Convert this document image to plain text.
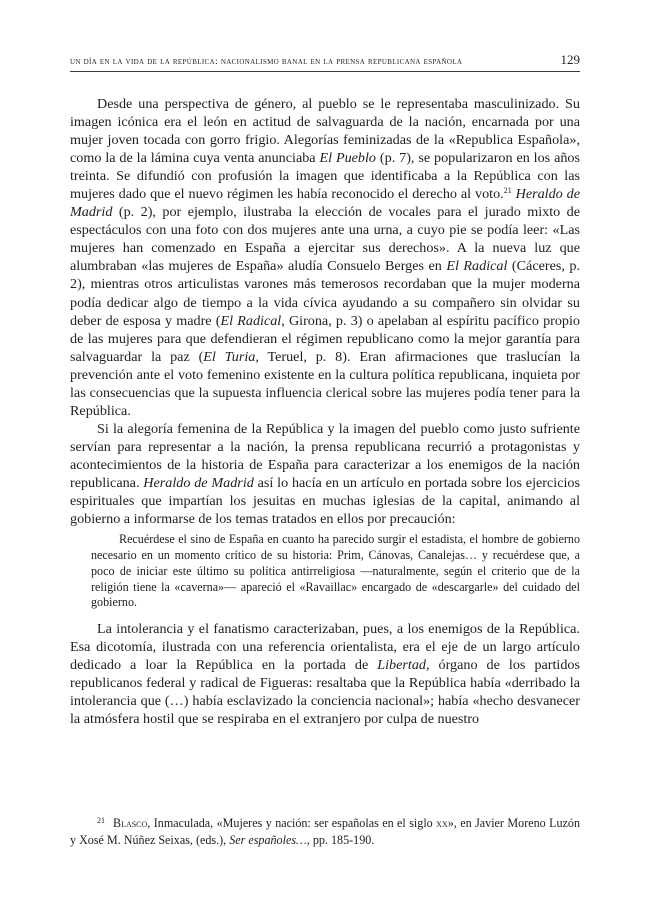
un día en la vida de la república: nacionalismo banal en la prensa republicana española	129

Desde una perspectiva de género, al pueblo se le representaba masculinizado. Su imagen icónica era el león en actitud de salvaguarda de la nación, encarnada por una mujer joven tocada con gorro frigio. Alegorías feminizadas de la «Republica Española», como la de la lámina cuya venta anunciaba El Pueblo (p. 7), se popularizaron en los años treinta. Se difundió con profusión la imagen que identificaba a la República con las mujeres dado que el nuevo régimen les había reconocido el derecho al voto.$^{21}$ Heraldo de Madrid (p. 2), por ejemplo, ilustraba la elección de vocales para el jurado mixto de espectáculos con una foto con dos mujeres ante una urna, a cuyo pie se podía leer: «Las mujeres han comenzado en España a ejercitar sus derechos». A la nueva luz que alumbraban «las mujeres de España» aludía Consuelo Berges en El Radical (Cáceres, p. 2), mientras otros articulistas varones más temerosos recordaban que la mujer moderna podía dedicar algo de tiempo a la vida cívica ayudando a su compañero sin olvidar su deber de esposa y madre (El Radical, Girona, p. 3) o apelaban al espíritu pacífico propio de las mujeres para que defendieran el régimen republicano como la mejor garantía para salvaguardar la paz (El Turia, Teruel, p. 8). Eran afirmaciones que traslucían la prevención ante el voto femenino existente en la cultura política republicana, inquieta por las consecuencias que la supuesta influencia clerical sobre las mujeres podía tener para la República.

Si la alegoría femenina de la República y la imagen del pueblo como justo sufriente servían para representar a la nación, la prensa republicana recurrió a protagonistas y acontecimientos de la historia de España para caracterizar a los enemigos de la nación republicana. Heraldo de Madrid así lo hacía en un artículo en portada sobre los ejercicios espirituales que impartían los jesuitas en muchas iglesias de la capital, animando al gobierno a informarse de los temas tratados en ellos por precaución:

Recuérdese el sino de España en cuanto ha parecido surgir el estadista, el hombre de gobierno necesario en un momento crítico de su historia: Prim, Cánovas, Canalejas… y recuérdese que, a poco de iniciar este último su política antirreligiosa —naturalmente, según el criterio que de la religión tiene la «caverna»— apareció el «Ravaillac» encargado de «descargarle» del cuidado del gobierno.

La intolerancia y el fanatismo caracterizaban, pues, a los enemigos de la República. Esa dicotomía, ilustrada con una referencia orientalista, era el eje de un largo artículo dedicado a loar la República en la portada de Libertad, órgano de los partidos republicanos federal y radical de Figueras: resaltaba que la República había «derribado la intolerancia que (…) había esclavizado la conciencia nacional»; había «hecho desvanecer la atmósfera hostil que se respiraba en el extranjero por culpa de nuestro

$^{21}$ Blasco, Inmaculada, «Mujeres y nación: ser españolas en el siglo xx», en Javier Moreno Luzón y Xosé M. Núñez Seixas, (eds.), Ser españoles…, pp. 185-190.
